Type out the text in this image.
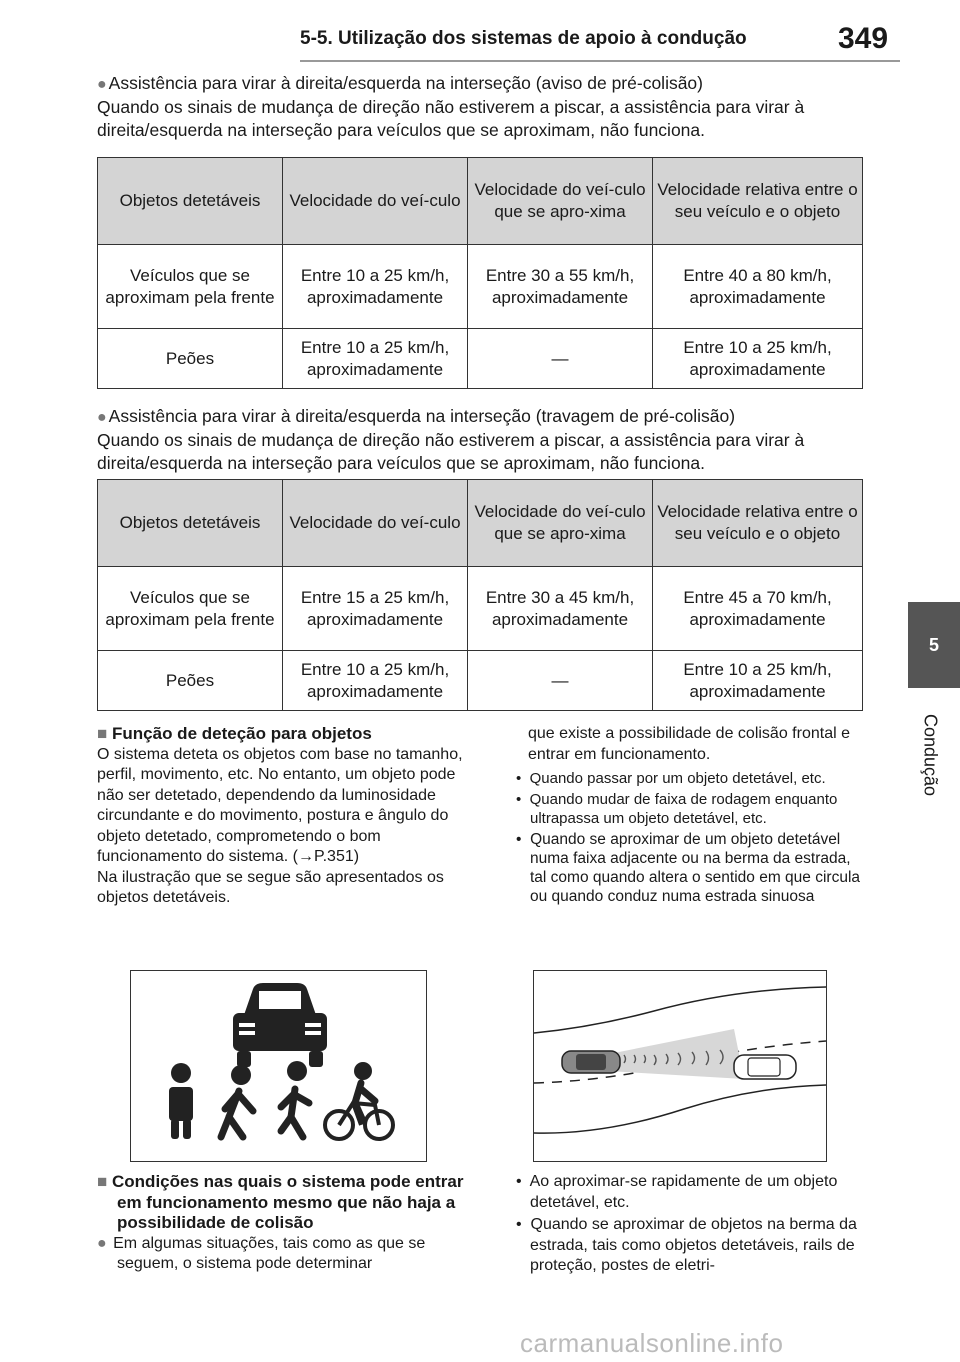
5-5. Utilização dos sistemas de apoio à condução	349
5
Condução
● Assistência para virar à direita/esquerda na interseção (aviso de pré-colisão)
Quando os sinais de mudança de direção não estiverem a piscar, a assistência para virar à direita/esquerda na interseção para veículos que se aproximam, não funciona.
Objetos detetáveis	Velocidade do veí-culo	Velocidade do veí-culo que se apro-xima	Velocidade relativa entre o seu veículo e o objeto
Veículos que se aproximam pela frente	Entre 10 a 25 km/h, aproximadamente	Entre 30 a 55 km/h, aproximadamente	Entre 40 a 80 km/h, aproximadamente
Peões	Entre 10 a 25 km/h, aproximadamente	—	Entre 10 a 25 km/h, aproximadamente
● Assistência para virar à direita/esquerda na interseção (travagem de pré-colisão)
Quando os sinais de mudança de direção não estiverem a piscar, a assistência para virar à direita/esquerda na interseção para veículos que se aproximam, não funciona.
Objetos detetáveis	Velocidade do veí-culo	Velocidade do veí-culo que se apro-xima	Velocidade relativa entre o seu veículo e o objeto
Veículos que se aproximam pela frente	Entre 15 a 25 km/h, aproximadamente	Entre 30 a 45 km/h, aproximadamente	Entre 45 a 70 km/h, aproximadamente
Peões	Entre 10 a 25 km/h, aproximadamente	—	Entre 10 a 25 km/h, aproximadamente
■ Função de deteção para objetos
O sistema deteta os objetos com base no tamanho, perfil, movimento, etc. No entanto, um objeto pode não ser detetado, dependendo da luminosidade circundante e do movimento, postura e ângulo do objeto detetado, comprometendo o bom funcionamento do sistema. (→P.351)
Na ilustração que se segue são apresentados os objetos detetáveis.
que existe a possibilidade de colisão frontal e entrar em funcionamento.
• Quando passar por um objeto detetável, etc.
• Quando mudar de faixa de rodagem enquanto ultrapassa um objeto detetável, etc.
• Quando se aproximar de um objeto detetável numa faixa adjacente ou na berma da estrada, tal como quando altera o sentido em que circula ou quando conduz numa estrada sinuosa
■ Condições nas quais o sistema pode entrar em funcionamento mesmo que não haja a possibilidade de colisão
● Em algumas situações, tais como as que se seguem, o sistema pode determinar
• Ao aproximar-se rapidamente de um objeto detetável, etc.
• Quando se aproximar de objetos na berma da estrada, tais como objetos detetáveis, rails de proteção, postes de eletri-
carmanualsonline.info
